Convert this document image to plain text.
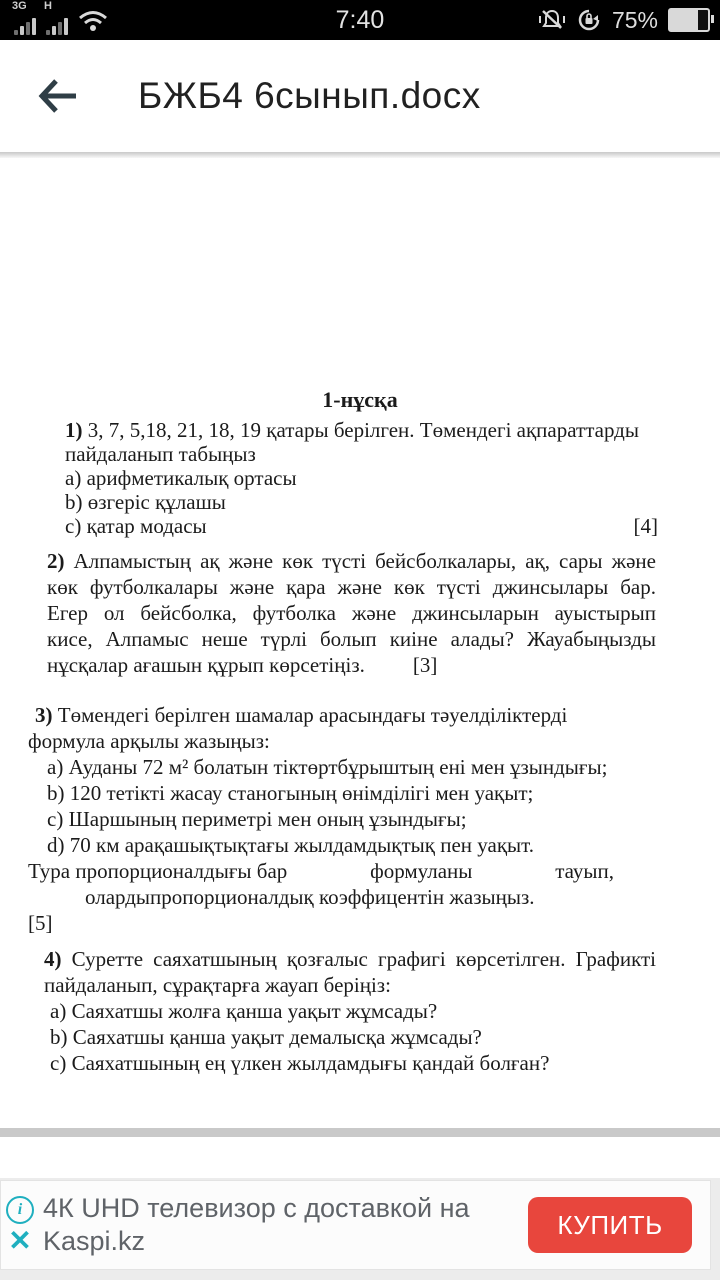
3G H	7:40	75%
БЖБ4 6сынып.docx
1-нұсқа
1) 3, 7, 5,18, 21, 18, 19 қатары берілген. Төмендегі ақпараттарды
пайдаланып табыңыз
a) арифметикалық ортасы
b) өзгеріс құлашы
c) қатар модасы	[4]
2) Алпамыстың ақ және көк түсті бейсболкалары, ақ, сары және
көк футболкалары және қара және көк түсті джинсылары бар.
Егер ол бейсболка, футболка және джинсыларын ауыстырып
кисе, Алпамыс неше түрлі болып киіне алады? Жауабыңызды
нұсқалар ағашын құрып көрсетіңіз. [3]
3) Төмендегі берілген шамалар арасындағы тәуелділіктерді
формула арқылы жазыңыз:
a) Ауданы 72 м² болатын тіктөртбұрыштың ені мен ұзындығы;
b) 120 тетікті жасау станогының өнімділігі мен уақыт;
c) Шаршының периметрі мен оның ұзындығы;
d) 70 км арақашықтықтағы жылдамдықтық пен уақыт.
Тура пропорционалдығы бар	формуланы	тауып,
олардыпропорционалдық коэффицентін жазыңыз.
[5]
4) Суретте саяхатшының қозғалыс графигі көрсетілген. Графикті
пайдаланып, сұрақтарға жауап беріңіз:
a) Саяхатшы жолға қанша уақыт жұмсады?
b) Саяхатшы қанша уақыт демалысқа жұмсады?
c) Саяхатшының ең үлкен жылдамдығы қандай болған?
i
✕
4К UHD телевизор с доставкой на
Kaspi.kz
КУПИТЬ
